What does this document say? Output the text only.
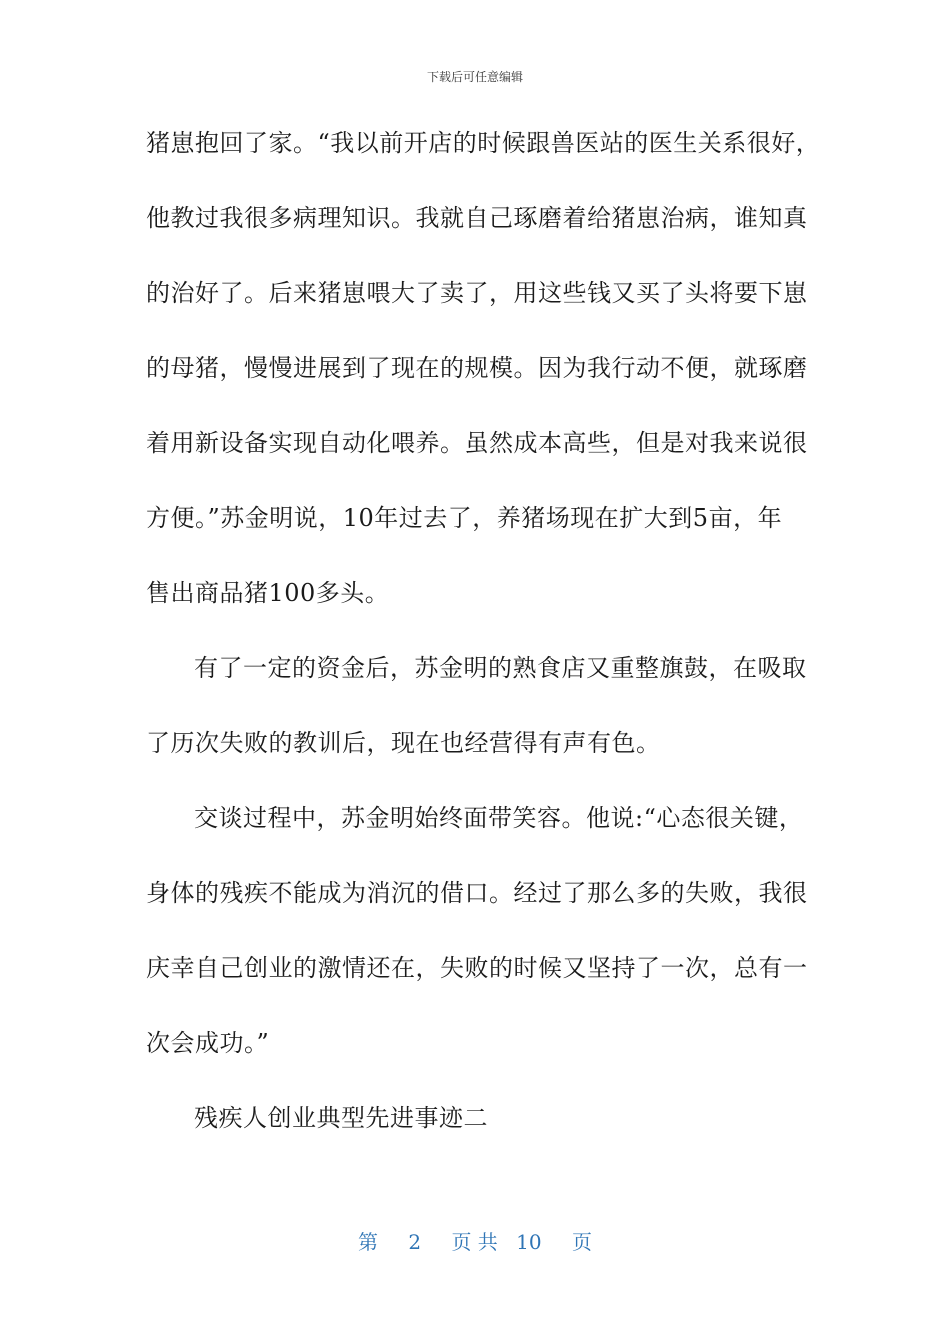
下载后可任意编辑
猪崽抱回了家。“我以前开店的时候跟兽医站的医生关系很好，
他教过我很多病理知识。我就自己琢磨着给猪崽治病，谁知真
的治好了。后来猪崽喂大了卖了，用这些钱又买了头将要下崽
的母猪，慢慢进展到了现在的规模。因为我行动不便，就琢磨
着用新设备实现自动化喂养。虽然成本高些，但是对我来说很
方便。”苏金明说，10年过去了，养猪场现在扩大到5亩，年
售出商品猪100多头。
有了一定的资金后，苏金明的熟食店又重整旗鼓，在吸取
了历次失败的教训后，现在也经营得有声有色。
交谈过程中，苏金明始终面带笑容。他说:“心态很关键，
身体的残疾不能成为消沉的借口。经过了那么多的失败，我很
庆幸自己创业的激情还在，失败的时候又坚持了一次，总有一
次会成功。”
残疾人创业典型先进事迹二
第 2 页 共 10 页
